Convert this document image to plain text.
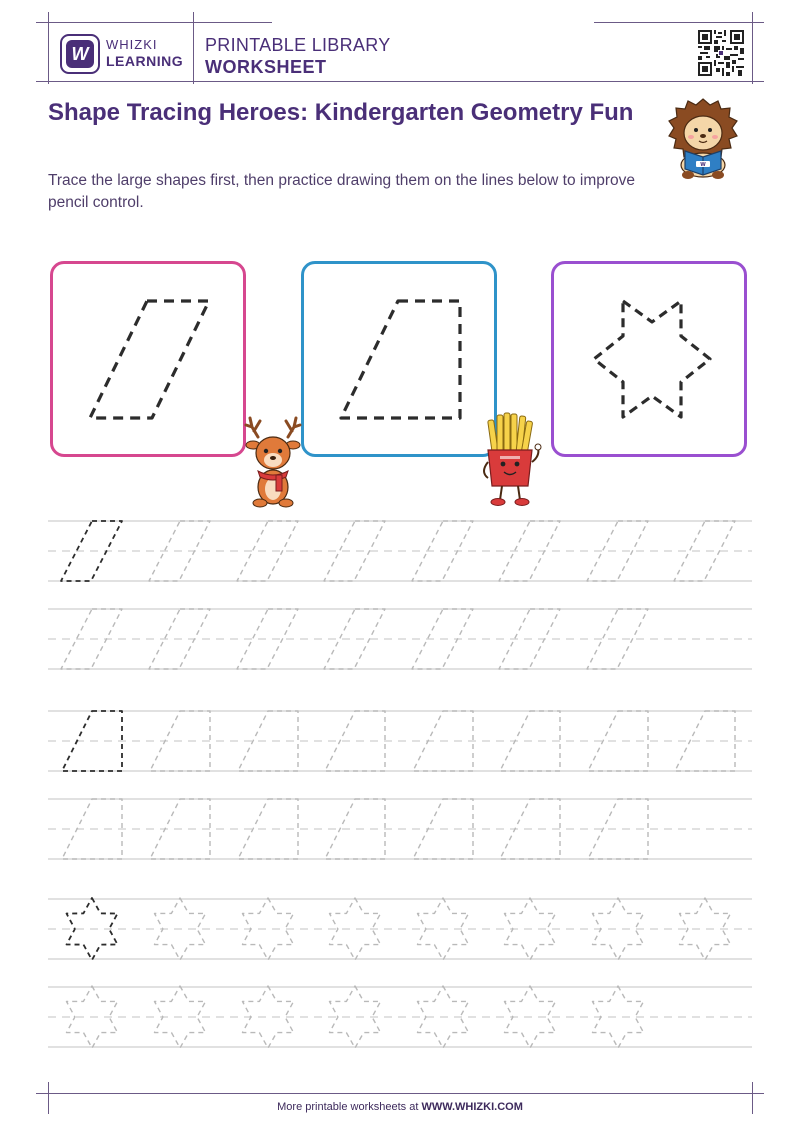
W	WHIZKI
LEARNING
PRINTABLE LIBRARY
WORKSHEET
Shape Tracing Heroes: Kindergarten Geometry Fun

Trace the large shapes first, then practice drawing them on the lines below to improve pencil control.

W
More printable worksheets at WWW.WHIZKI.COM
